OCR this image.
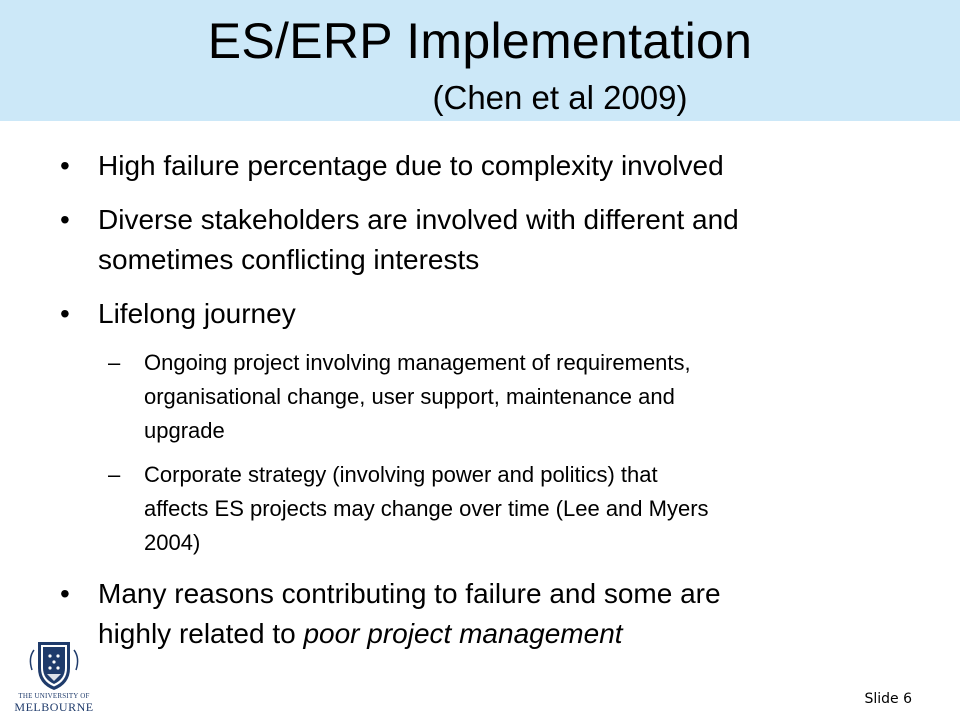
ES/ERP Implementation
(Chen et al 2009)
• High failure percentage due to complexity involved
• Diverse stakeholders are involved with different and
sometimes conflicting interests
• Lifelong journey
– Ongoing project involving management of requirements,
organisational change, user support, maintenance and
upgrade
– Corporate strategy (involving power and politics) that
affects ES projects may change over time (Lee and Myers
2004)
• Many reasons contributing to failure and some are
highly related to poor project management
THE UNIVERSITY OF
MELBOURNE	Slide 6
